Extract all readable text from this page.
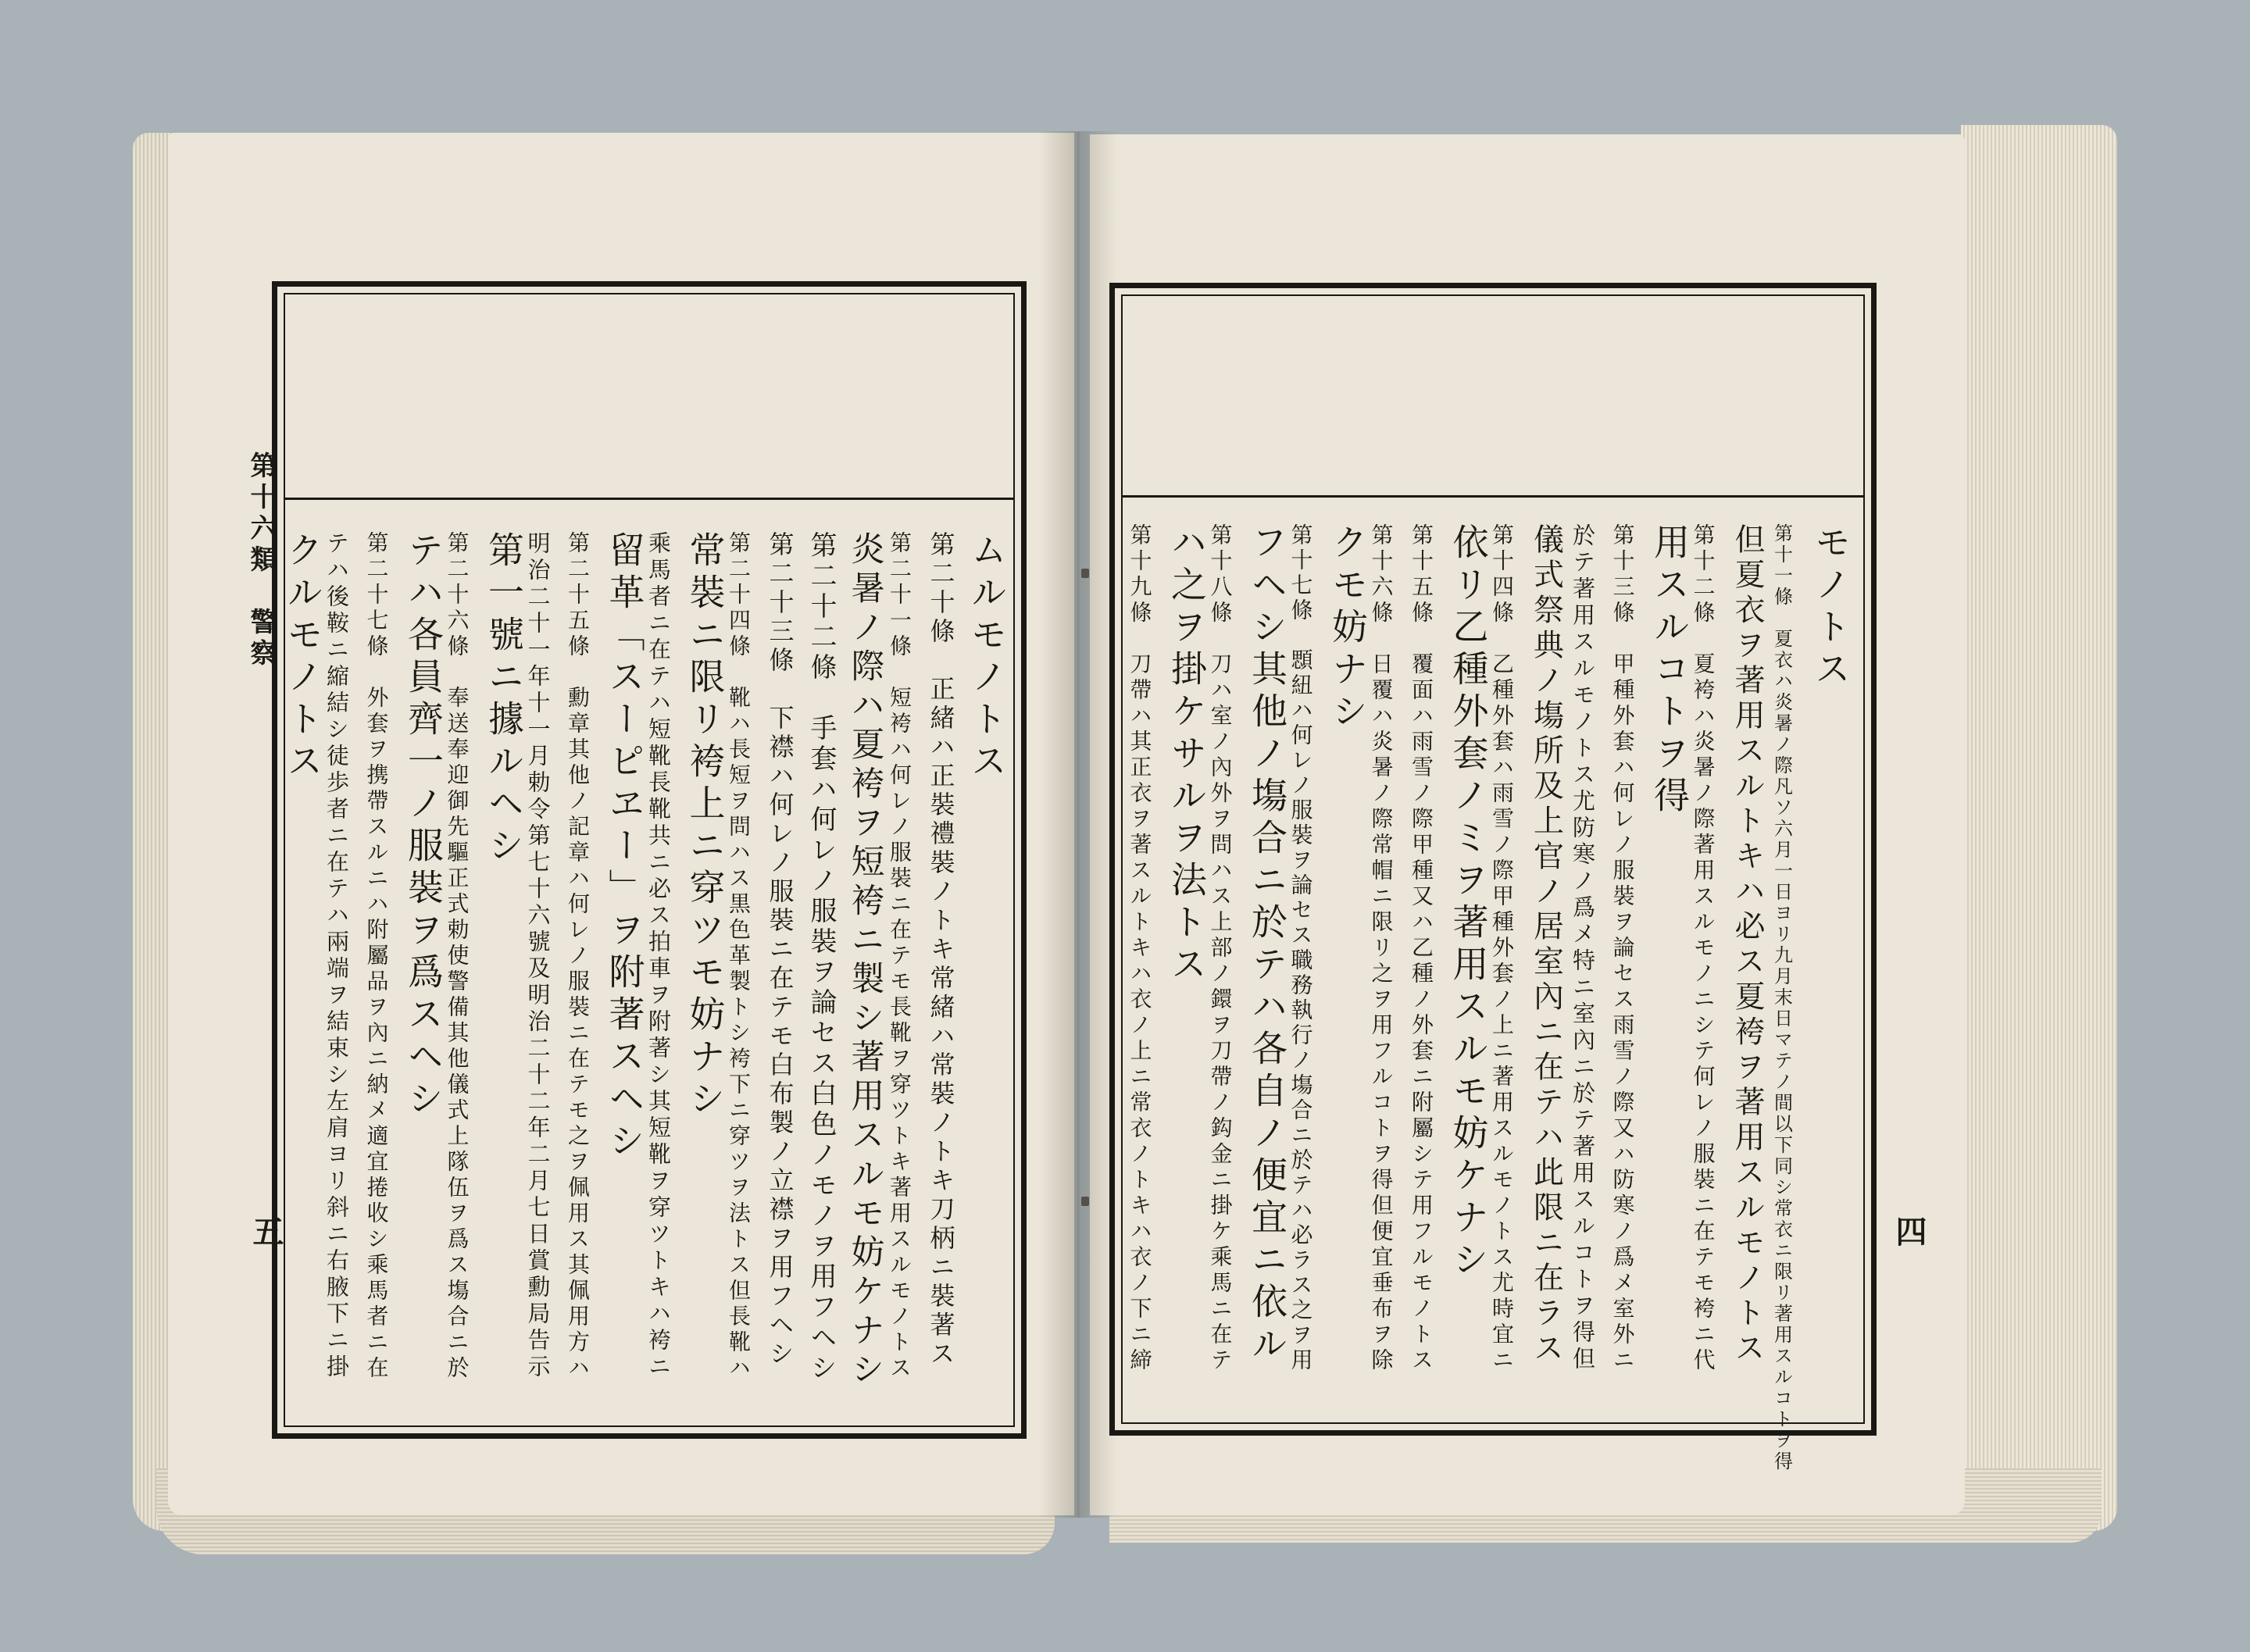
第十六類　警察
五	四
ムルモノトス
第二十條　正緒ハ正裝禮裝ノトキ常緒ハ常裝ノトキ刀柄ニ裝著ス
第二十一條　短袴ハ何レノ服裝ニ在テモ長靴ヲ穿ツトキ著用スルモノトス
炎暑ノ際ハ夏袴ヲ短袴ニ製シ著用スルモ妨ケナシ
第二十二條　手套ハ何レノ服裝ヲ論セス白色ノモノヲ用フヘシ
第二十三條　下襟ハ何レノ服裝ニ在テモ白布製ノ立襟ヲ用フヘシ
第二十四條　靴ハ長短ヲ問ハス黒色革製トシ袴下ニ穿ツヲ法トス但長靴ハ
常裝ニ限リ袴上ニ穿ツモ妨ナシ
乘馬者ニ在テハ短靴長靴共ニ必ス拍車ヲ附著シ其短靴ヲ穿ツトキハ袴ニ
留革「スーピヱー」ヲ附著スヘシ
第二十五條　勳章其他ノ記章ハ何レノ服裝ニ在テモ之ヲ佩用ス其佩用方ハ
明治二十一年十一月勅令第七十六號及明治二十二年二月七日賞勳局告示
第一號ニ據ルヘシ
第二十六條　奉送奉迎御先驅正式勅使警備其他儀式上隊伍ヲ爲ス塲合ニ於
テハ各員齊一ノ服裝ヲ爲スヘシ
第二十七條　外套ヲ携帶スルニハ附屬品ヲ內ニ納メ適宜捲收シ乘馬者ニ在
テハ後鞍ニ縮結シ徒歩者ニ在テハ兩端ヲ結束シ左肩ヨリ斜ニ右腋下ニ掛
クルモノトス	モノトス
第十一條　夏衣ハ炎暑ノ際凡ソ六月一日ヨリ九月末日マテノ間以下同シ常衣ニ限リ著用スルコトヲ得
但夏衣ヲ著用スルトキハ必ス夏袴ヲ著用スルモノトス
第十二條　夏袴ハ炎暑ノ際著用スルモノニシテ何レノ服裝ニ在テモ袴ニ代
用スルコトヲ得
第十三條　甲種外套ハ何レノ服裝ヲ論セス雨雪ノ際又ハ防寒ノ爲メ室外ニ
於テ著用スルモノトス尤防寒ノ爲メ特ニ室內ニ於テ著用スルコトヲ得但
儀式祭典ノ塲所及上官ノ居室內ニ在テハ此限ニ在ラス
第十四條　乙種外套ハ雨雪ノ際甲種外套ノ上ニ著用スルモノトス尤時宜ニ
依リ乙種外套ノミヲ著用スルモ妨ケナシ
第十五條　覆面ハ雨雪ノ際甲種又ハ乙種ノ外套ニ附屬シテ用フルモノトス
第十六條　日覆ハ炎暑ノ際常帽ニ限リ之ヲ用フルコトヲ得但便宜垂布ヲ除
クモ妨ナシ
第十七條　顋紐ハ何レノ服裝ヲ論セス職務執行ノ塲合ニ於テハ必ラス之ヲ用
フヘシ其他ノ塲合ニ於テハ各自ノ便宜ニ依ル
第十八條　刀ハ室ノ內外ヲ問ハス上部ノ鐶ヲ刀帶ノ鈎金ニ掛ケ乘馬ニ在テ
ハ之ヲ掛ケサルヲ法トス
第十九條　刀帶ハ其正衣ヲ著スルトキハ衣ノ上ニ常衣ノトキハ衣ノ下ニ締
